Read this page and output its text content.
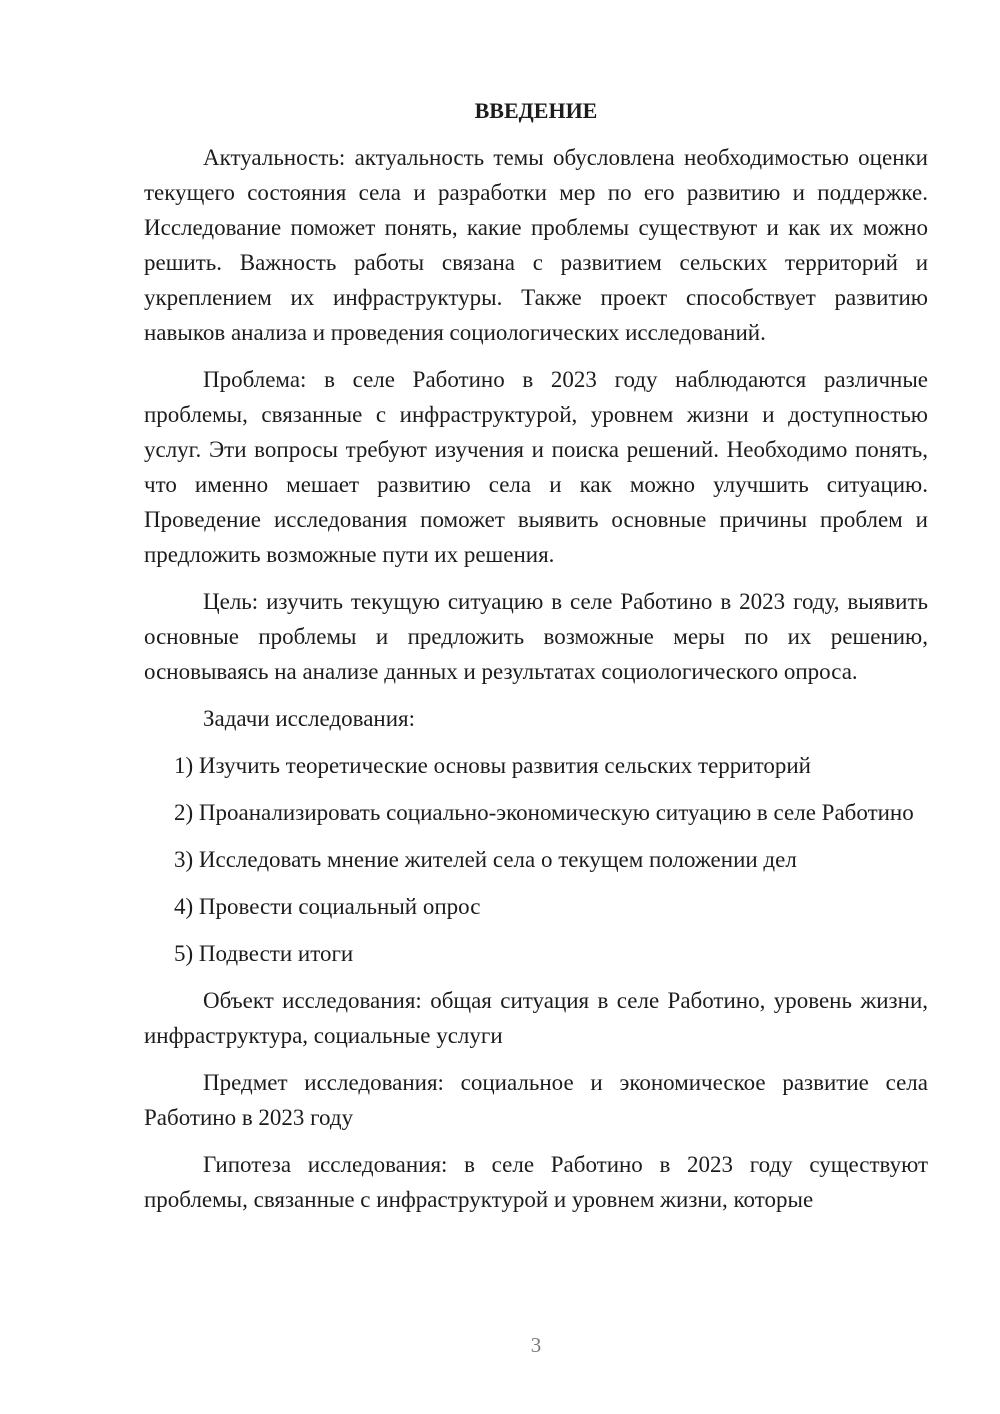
ВВЕДЕНИЕ

Актуальность: актуальность темы обусловлена необходимостью оценки текущего состояния села и разработки мер по его развитию и поддержке. Исследование поможет понять, какие проблемы существуют и как их можно решить. Важность работы связана с развитием сельских территорий и укреплением их инфраструктуры. Также проект способствует развитию навыков анализа и проведения социологических исследований.

Проблема: в селе Работино в 2023 году наблюдаются различные проблемы, связанные с инфраструктурой, уровнем жизни и доступностью услуг. Эти вопросы требуют изучения и поиска решений. Необходимо понять, что именно мешает развитию села и как можно улучшить ситуацию. Проведение исследования поможет выявить основные причины проблем и предложить возможные пути их решения.

Цель: изучить текущую ситуацию в селе Работино в 2023 году, выявить основные проблемы и предложить возможные меры по их решению, основываясь на анализе данных и результатах социологического опроса.

Задачи исследования:

1) Изучить теоретические основы развития сельских территорий

2) Проанализировать социально-экономическую ситуацию в селе Работино

3) Исследовать мнение жителей села о текущем положении дел

4) Провести социальный опрос

5) Подвести итоги

Объект исследования: общая ситуация в селе Работино, уровень жизни, инфраструктура, социальные услуги

Предмет исследования: социальное и экономическое развитие села Работино в 2023 году

Гипотеза исследования: в селе Работино в 2023 году существуют проблемы, связанные с инфраструктурой и уровнем жизни, которые

3
